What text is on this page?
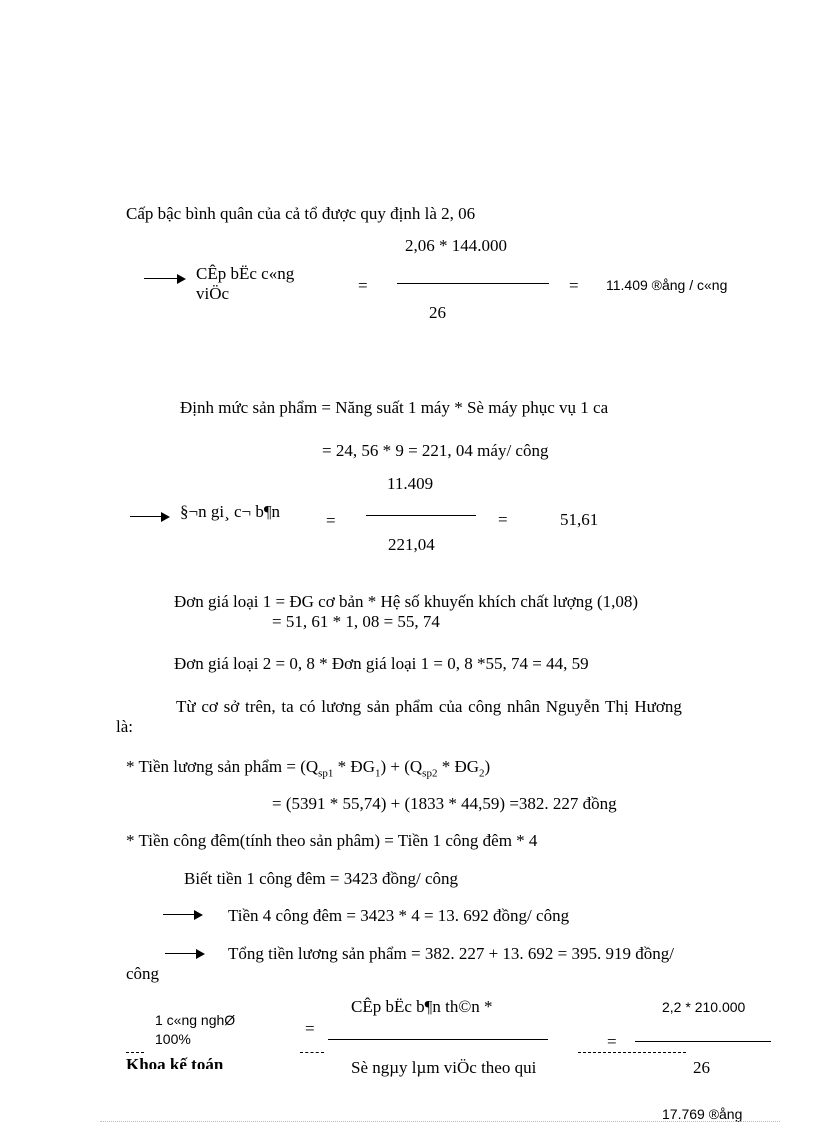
Cấp bậc bình quân của cả tổ được quy định là 2, 06
2,06 * 144.000
CÊp bËc c«ng
viÖc	=	= 11.409 ®ång / c«ng
26
Định mức sản phẩm = Năng suất 1 máy * Sè máy phục vụ 1 ca
= 24, 56 * 9 = 221, 04 máy/ công
11.409
§¬n gi¸ c¬ b¶n	=	=	51,61
221,04
Đơn giá loại 1 = ĐG cơ bản * Hệ số khuyến khích chất lượng (1,08)
= 51, 61 * 1, 08 = 55, 74
Đơn giá loại 2 = 0, 8 * Đơn giá loại 1 = 0, 8 *55, 74 = 44, 59
Từ cơ sở trên, ta có lương sản phẩm của công nhân Nguyễn Thị Hương
là:
* Tiền lương sản phẩm = ($Q_{sp1}$ * $ĐG_1) + (Q_{sp2}$ * $ĐG_2$)
= (5391 * 55,74) + (1833 * 44,59) =382. 227 đồng
* Tiền công đêm(tính theo sản phâm) = Tiền 1 công đêm * 4
Biết tiền 1 công đêm = 3423 đồng/ công
Tiền 4 công đêm = 3423 * 4 = 13. 692 đồng/ công
Tổng tiền lương sản phẩm = 382. 227 + 13. 692 = 395. 919 đồng/
công
CÊp bËc b¶n th©n *	2,2 * 210.000
1 c«ng nghØ
100%
=
=
Khoa kế toán	Sè ngµy lµm viÖc theo qui	26
17.769 ®ång
